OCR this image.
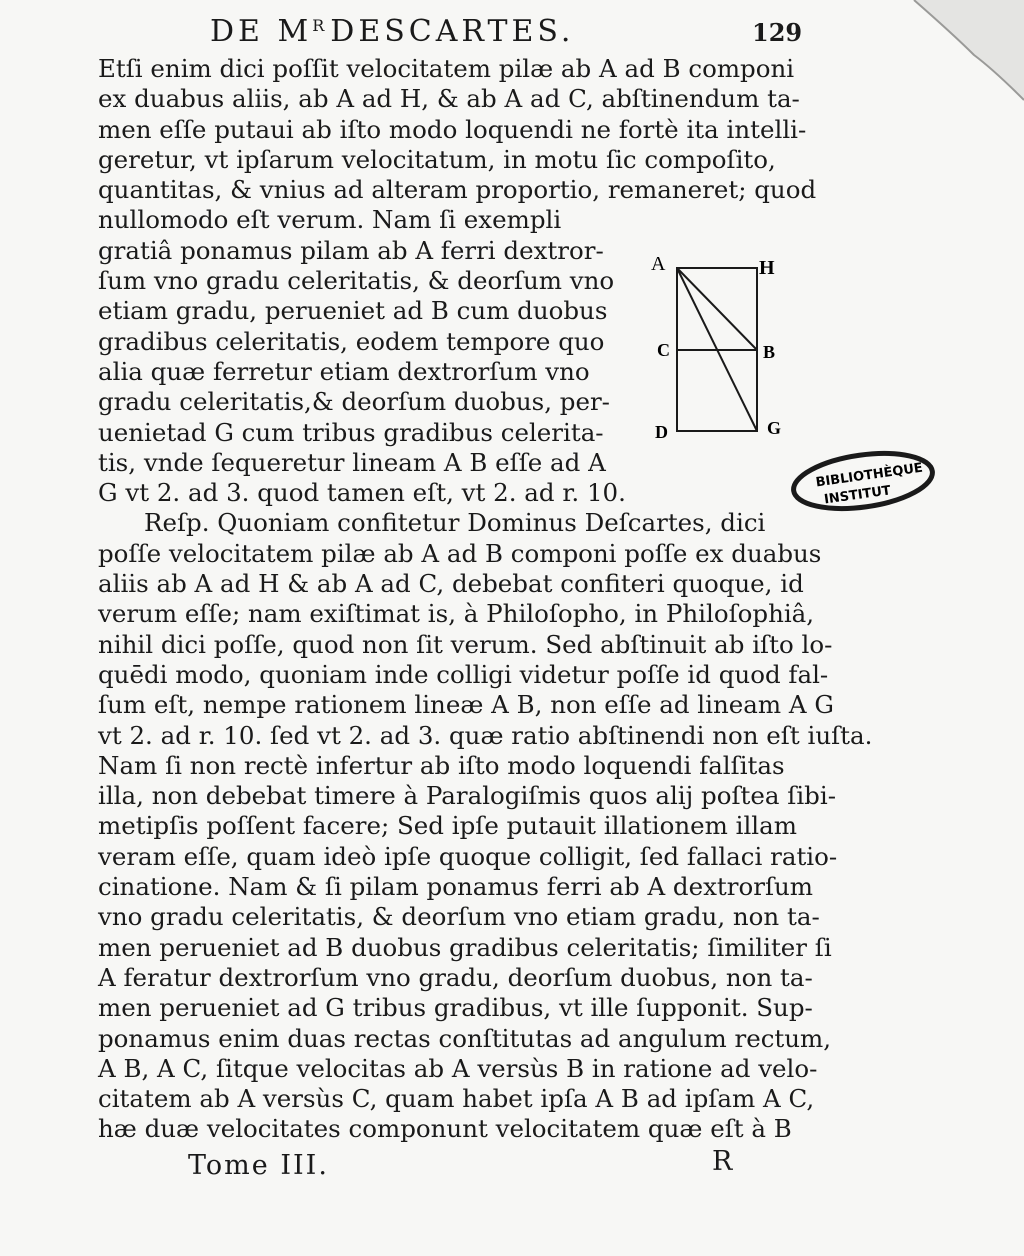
DE $M^R$ DESCARTES.	129
Etſi enim dici poſſit velocitatem pilæ ab A ad B componi
ex duabus aliis, ab A ad H, & ab A ad C, abſtinendum ta-
men eſſe putaui ab iſto modo loquendi ne fortè ita intelli-
geretur, vt ipſarum velocitatum, in motu ſic compoſito,
quantitas, & vnius ad alteram proportio, remaneret; quod
nullomodo eſt verum. Nam ſi exempli
gratiâ ponamus pilam ab A ferri dextror-
ſum vno gradu celeritatis, & deorſum vno
etiam gradu, perueniet ad B cum duobus
gradibus celeritatis, eodem tempore quo
alia quæ ferretur etiam dextrorſum vno
gradu celeritatis,& deorſum duobus, per-
uenietad G cum tribus gradibus celerita-
tis, vnde ſequeretur lineam A B eſſe ad A
G vt 2. ad 3. quod tamen eſt, vt 2. ad r. 10.
Reſp. Quoniam confitetur Dominus Deſcartes, dici
poſſe velocitatem pilæ ab A ad B componi poſſe ex duabus
aliis ab A ad H & ab A ad C, debebat confiteri quoque, id
verum eſſe; nam exiſtimat is, à Philoſopho, in Philoſophiâ,
nihil dici poſſe, quod non ſit verum. Sed abſtinuit ab iſto lo-
quēdi modo, quoniam inde colligi videtur poſſe id quod fal-
ſum eſt, nempe rationem lineæ A B, non eſſe ad lineam A G
vt 2. ad r. 10. ſed vt 2. ad 3. quæ ratio abſtinendi non eſt iuſta.
Nam ſi non rectè infertur ab iſto modo loquendi falſitas
illa, non debebat timere à Paralogiſmis quos alij poſtea ſibi-
metipſis poſſent facere; Sed ipſe putauit illationem illam
veram eſſe, quam ideò ipſe quoque colligit, ſed fallaci ratio-
cinatione. Nam & ſi pilam ponamus ferri ab A dextrorſum
vno gradu celeritatis, & deorſum vno etiam gradu, non ta-
men perueniet ad B duobus gradibus celeritatis; ſimiliter ſi
A feratur dextrorſum vno gradu, deorſum duobus, non ta-
men perueniet ad G tribus gradibus, vt ille ſupponit. Sup-
ponamus enim duas rectas conſtitutas ad angulum rectum,
A B, A C, ſitque velocitas ab A versùs B in ratione ad velo-
citatem ab A versùs C, quam habet ipſa A B ad ipſam A C,
hæ duæ velocitates componunt velocitatem quæ eſt à B
A	H
C	B
D	G
BIBLIOTHÈQUE
INSTITUT
Tome III.	R
